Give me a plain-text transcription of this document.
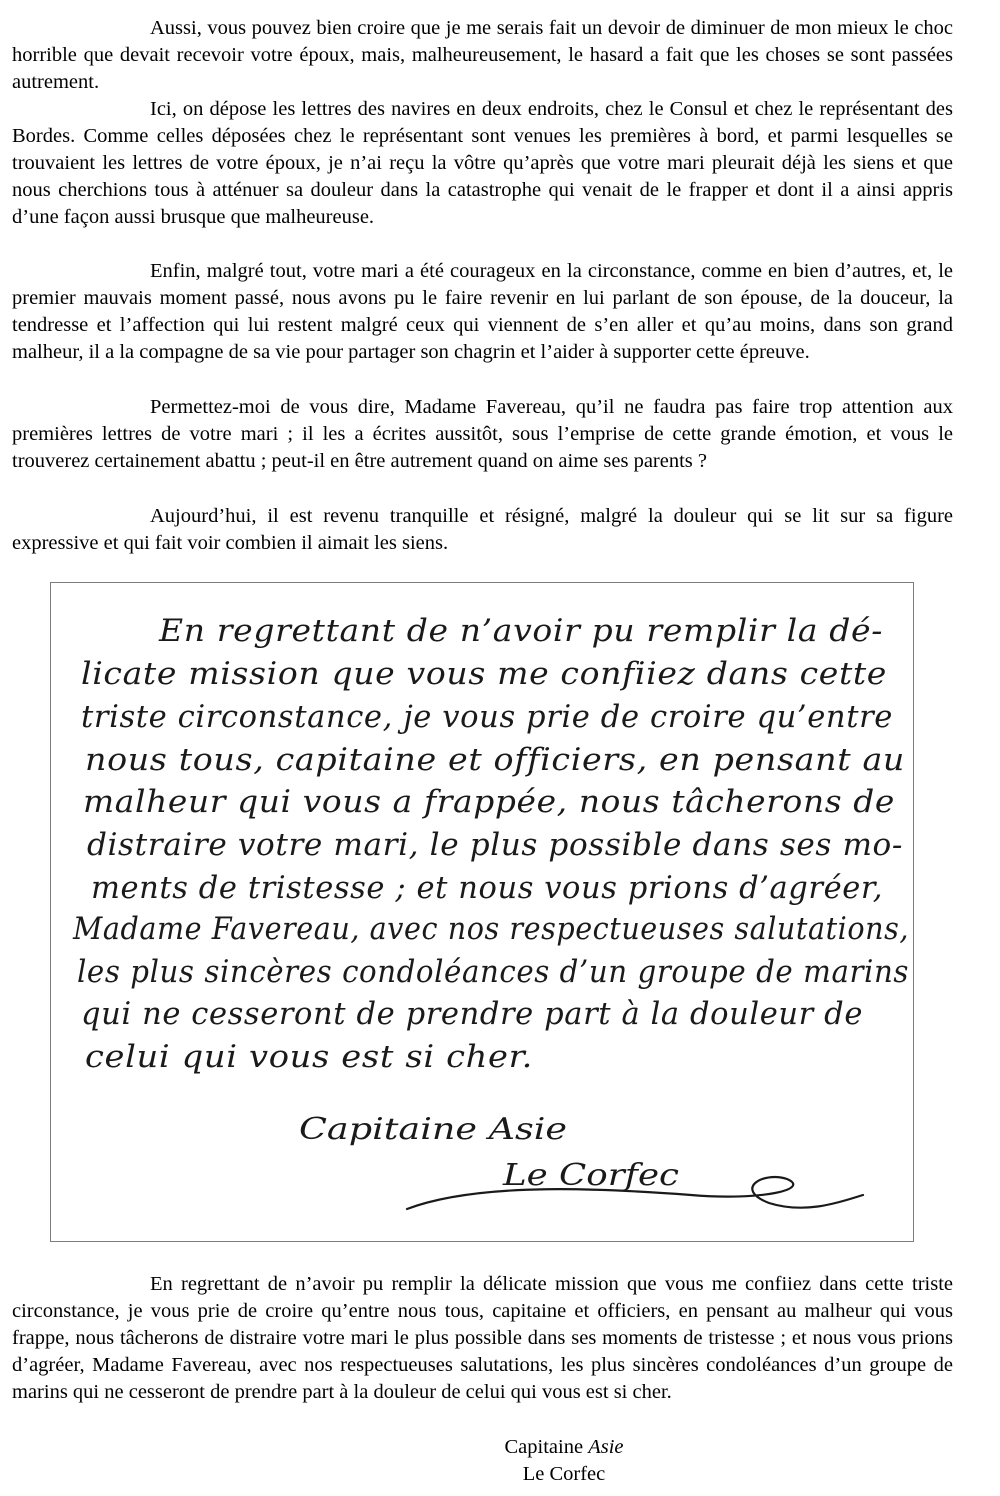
Aussi, vous pouvez bien croire que je me serais fait un devoir de diminuer de mon mieux le choc horrible que devait recevoir votre époux, mais, malheureusement, le hasard a fait que les choses se sont passées autrement.

Ici, on dépose les lettres des navires en deux endroits, chez le Consul et chez le représentant des Bordes. Comme celles déposées chez le représentant sont venues les premières à bord, et parmi lesquelles se trouvaient les lettres de votre époux, je n’ai reçu la vôtre qu’après que votre mari pleurait déjà les siens et que nous cherchions tous à atténuer sa douleur dans la catastrophe qui venait de le frapper et dont il a ainsi appris d’une façon aussi brusque que malheureuse.

Enfin, malgré tout, votre mari a été courageux en la circonstance, comme en bien d’autres, et, le premier mauvais moment passé, nous avons pu le faire revenir en lui parlant de son épouse, de la douceur, la tendresse et l’affection qui lui restent malgré ceux qui viennent de s’en aller et qu’au moins, dans son grand malheur, il a la compagne de sa vie pour partager son chagrin et l’aider à supporter cette épreuve.

Permettez-moi de vous dire, Madame Favereau, qu’il ne faudra pas faire trop attention aux premières lettres de votre mari ; il les a écrites aussitôt, sous l’emprise de cette grande émotion, et vous le trouverez certainement abattu ; peut-il en être autrement quand on aime ses parents ?

Aujourd’hui, il est revenu tranquille et résigné, malgré la douleur qui se lit sur sa figure expressive et qui fait voir combien il aimait les siens.

En regrettant de n’avoir pu remplir la dé-
licate mission que vous me confiiez dans cette
triste circonstance, je vous prie de croire qu’entre
nous tous, capitaine et officiers, en pensant au
malheur qui vous a frappée, nous tâcherons de
distraire votre mari, le plus possible dans ses mo-
ments de tristesse ; et nous vous prions d’agréer,
Madame Favereau, avec nos respectueuses salutations,
les plus sincères condoléances d’un groupe de marins
qui ne cesseront de prendre part à la douleur de
celui qui vous est si cher.
Capitaine Asie
Le Corfec

En regrettant de n’avoir pu remplir la délicate mission que vous me confiiez dans cette triste circonstance, je vous prie de croire qu’entre nous tous, capitaine et officiers, en pensant au malheur qui vous frappe, nous tâcherons de distraire votre mari le plus possible dans ses moments de tristesse ; et nous vous prions d’agréer, Madame Favereau, avec nos respectueuses salutations, les plus sincères condoléances d’un groupe de marins qui ne cesseront de prendre part à la douleur de celui qui vous est si cher.

Capitaine Asie
Le Corfec
